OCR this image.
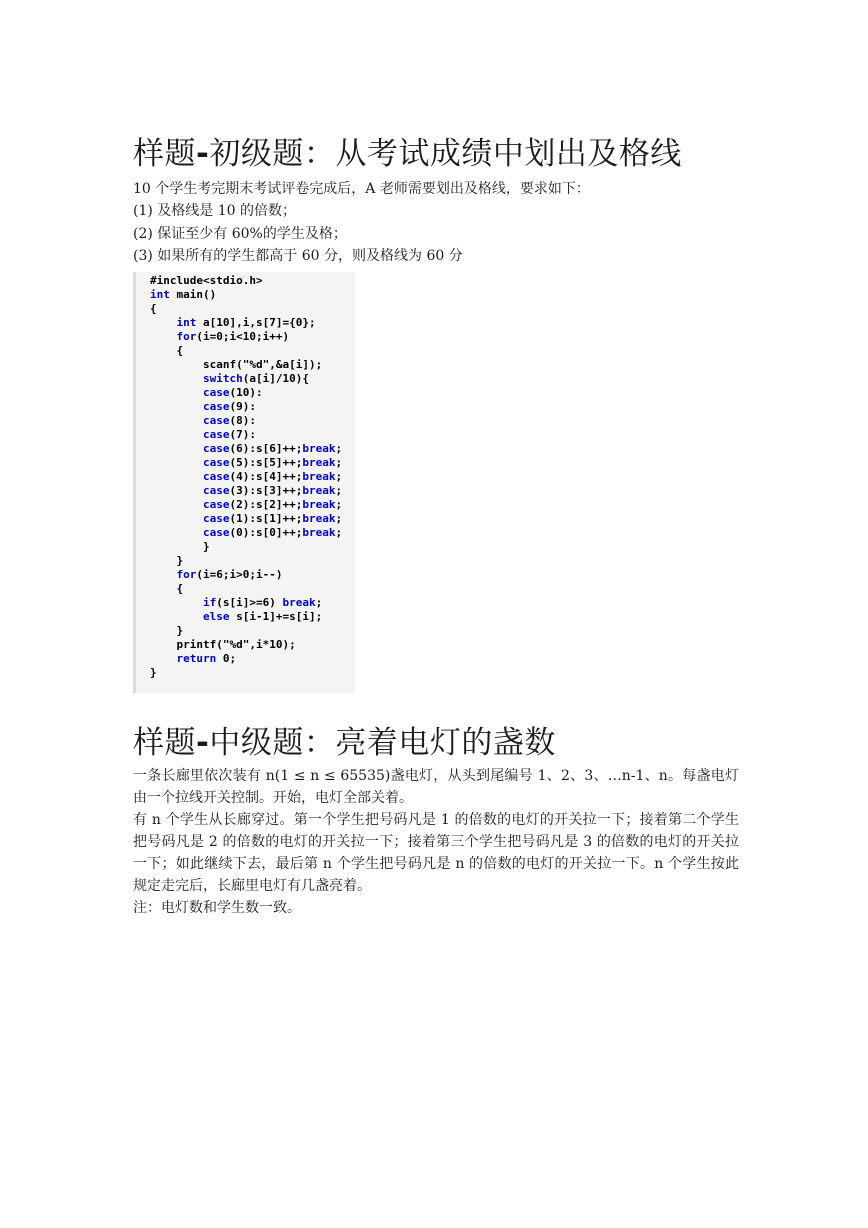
样题-初级题：从考试成绩中划出及格线

10 个学生考完期末考试评卷完成后，A 老师需要划出及格线，要求如下：

(1) 及格线是 10 的倍数；

(2) 保证至少有 60%的学生及格；

(3) 如果所有的学生都高于 60 分，则及格线为 60 分

#include<stdio.h>
int main()
{
int a[10],i,s[7]={0};
for(i=0;i<10;i++)
{
scanf("%d",&a[i]);
switch(a[i]/10){
case(10):
case(9):
case(8):
case(7):
case(6):s[6]++;break;
case(5):s[5]++;break;
case(4):s[4]++;break;
case(3):s[3]++;break;
case(2):s[2]++;break;
case(1):s[1]++;break;
case(0):s[0]++;break;
}
}
for(i=6;i>0;i--)
{
if(s[i]>=6) break;
else s[i-1]+=s[i];
}
printf("%d",i*10);
return 0;
}
样题-中级题：亮着电灯的盏数

一条长廊里依次装有 n(1 ≤ n ≤ 65535)盏电灯，从头到尾编号 1、2、3、…n-1、n。每盏电灯由一个拉线开关控制。开始，电灯全部关着。

有 n 个学生从长廊穿过。第一个学生把号码凡是 1 的倍数的电灯的开关拉一下；接着第二个学生把号码凡是 2 的倍数的电灯的开关拉一下；接着第三个学生把号码凡是 3 的倍数的电灯的开关拉一下；如此继续下去，最后第 n 个学生把号码凡是 n 的倍数的电灯的开关拉一下。n 个学生按此规定走完后，长廊里电灯有几盏亮着。

注：电灯数和学生数一致。
